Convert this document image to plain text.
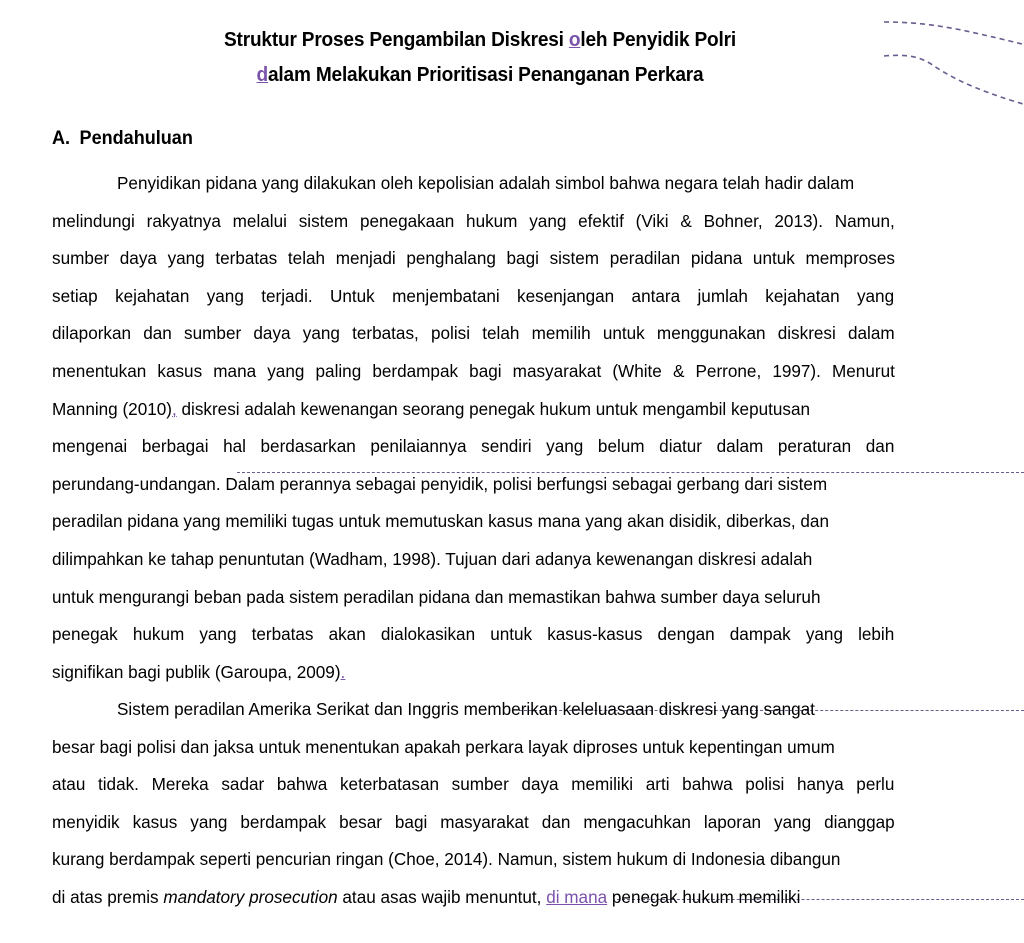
Struktur Proses Pengambilan Diskresi oleh Penyidik Polri
dalam Melakukan Prioritisasi Penanganan Perkara
A. Pendahuluan
Penyidikan pidana yang dilakukan oleh kepolisian adalah simbol bahwa negara telah hadir dalam
melindungi rakyatnya melalui sistem penegakaan hukum yang efektif (Viki & Bohner, 2013). Namun,
sumber daya yang terbatas telah menjadi penghalang bagi sistem peradilan pidana untuk memproses
setiap kejahatan yang terjadi. Untuk menjembatani kesenjangan antara jumlah kejahatan yang
dilaporkan dan sumber daya yang terbatas, polisi telah memilih untuk menggunakan diskresi dalam
menentukan kasus mana yang paling berdampak bagi masyarakat (White & Perrone, 1997). Menurut
Manning (2010), diskresi adalah kewenangan seorang penegak hukum untuk mengambil keputusan
mengenai berbagai hal berdasarkan penilaiannya sendiri yang belum diatur dalam peraturan dan
perundang-undangan. Dalam perannya sebagai penyidik, polisi berfungsi sebagai gerbang dari sistem
peradilan pidana yang memiliki tugas untuk memutuskan kasus mana yang akan disidik, diberkas, dan
dilimpahkan ke tahap penuntutan (Wadham, 1998). Tujuan dari adanya kewenangan diskresi adalah
untuk mengurangi beban pada sistem peradilan pidana dan memastikan bahwa sumber daya seluruh
penegak hukum yang terbatas akan dialokasikan untuk kasus-kasus dengan dampak yang lebih
signifikan bagi publik (Garoupa, 2009).
Sistem peradilan Amerika Serikat dan Inggris memberikan keleluasaan diskresi yang sangat
besar bagi polisi dan jaksa untuk menentukan apakah perkara layak diproses untuk kepentingan umum
atau tidak. Mereka sadar bahwa keterbatasan sumber daya memiliki arti bahwa polisi hanya perlu
menyidik kasus yang berdampak besar bagi masyarakat dan mengacuhkan laporan yang dianggap
kurang berdampak seperti pencurian ringan (Choe, 2014). Namun, sistem hukum di Indonesia dibangun
di atas premis mandatory prosecution atau asas wajib menuntut, di mana penegak hukum memiliki
